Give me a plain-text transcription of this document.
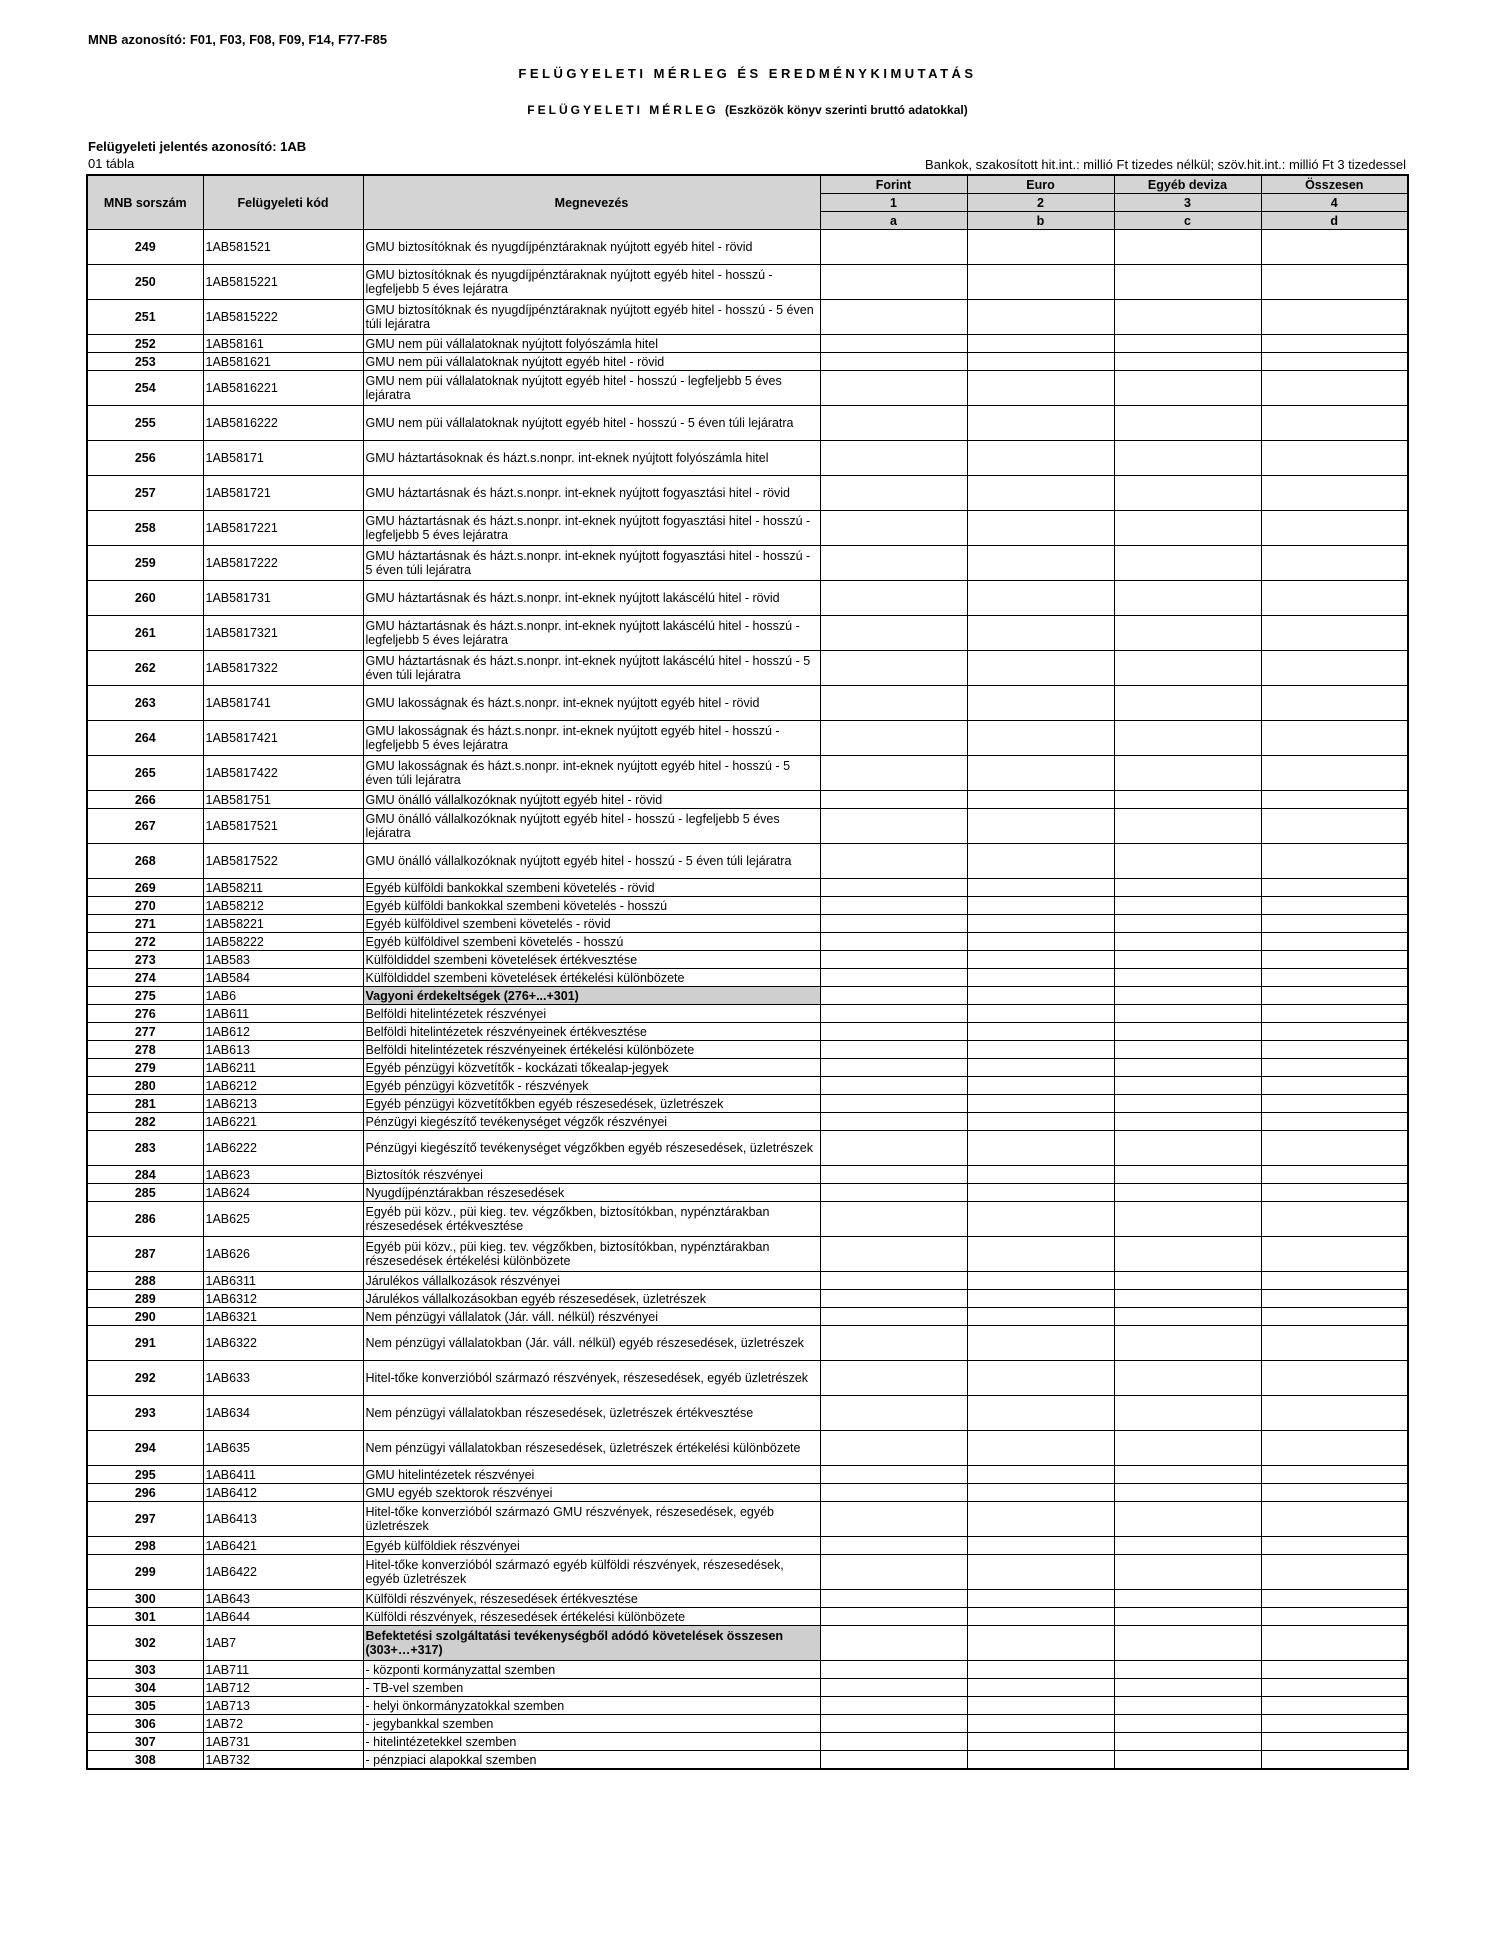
MNB azonosító: F01, F03, F08, F09, F14, F77-F85
FELÜGYELETI MÉRLEG ÉS EREDMÉNYKIMUTATÁS
FELÜGYELETI MÉRLEG (Eszközök könyv szerinti bruttó adatokkal)
Felügyeleti jelentés azonosító: 1AB
01 tábla	Bankok, szakosított hit.int.: millió Ft tizedes nélkül; szöv.hit.int.: millió Ft 3 tizedessel
MNB sorszám	Felügyeleti kód	Megnevezés	Forint	Euro	Egyéb deviza	Összesen
			1	2	3	4
			a	b	c	d
249	1AB581521	GMU biztosítóknak és nyugdíjpénztáraknak nyújtott egyéb hitel - rövid				
250	1AB5815221	GMU biztosítóknak és nyugdíjpénztáraknak nyújtott egyéb hitel - hosszú - legfeljebb 5 éves lejáratra				
251	1AB5815222	GMU biztosítóknak és nyugdíjpénztáraknak nyújtott egyéb hitel - hosszú - 5 éven túli lejáratra				
252	1AB58161	GMU nem püi vállalatoknak nyújtott folyószámla hitel				
253	1AB581621	GMU nem püi vállalatoknak nyújtott egyéb hitel - rövid				
254	1AB5816221	GMU nem püi vállalatoknak nyújtott egyéb hitel - hosszú - legfeljebb 5 éves lejáratra				
255	1AB5816222	GMU nem püi vállalatoknak nyújtott egyéb hitel - hosszú - 5 éven túli lejáratra				
256	1AB58171	GMU háztartásoknak és házt.s.nonpr. int-eknek nyújtott folyószámla hitel				
257	1AB581721	GMU háztartásnak és házt.s.nonpr. int-eknek nyújtott fogyasztási hitel - rövid				
258	1AB5817221	GMU háztartásnak és házt.s.nonpr. int-eknek nyújtott fogyasztási hitel - hosszú - legfeljebb 5 éves lejáratra				
259	1AB5817222	GMU háztartásnak és házt.s.nonpr. int-eknek nyújtott fogyasztási hitel - hosszú - 5 éven túli lejáratra				
260	1AB581731	GMU háztartásnak és házt.s.nonpr. int-eknek nyújtott lakáscélú hitel - rövid				
261	1AB5817321	GMU háztartásnak és házt.s.nonpr. int-eknek nyújtott lakáscélú hitel - hosszú - legfeljebb 5 éves lejáratra				
262	1AB5817322	GMU háztartásnak és házt.s.nonpr. int-eknek nyújtott lakáscélú hitel - hosszú - 5 éven túli lejáratra				
263	1AB581741	GMU lakosságnak és házt.s.nonpr. int-eknek nyújtott egyéb hitel - rövid				
264	1AB5817421	GMU lakosságnak és házt.s.nonpr. int-eknek nyújtott egyéb hitel - hosszú - legfeljebb 5 éves lejáratra				
265	1AB5817422	GMU lakosságnak és házt.s.nonpr. int-eknek nyújtott egyéb hitel - hosszú - 5 éven túli lejáratra				
266	1AB581751	GMU önálló vállalkozóknak nyújtott egyéb hitel - rövid				
267	1AB5817521	GMU önálló vállalkozóknak nyújtott egyéb hitel - hosszú - legfeljebb 5 éves lejáratra				
268	1AB5817522	GMU önálló vállalkozóknak nyújtott egyéb hitel - hosszú - 5 éven túli lejáratra				
269	1AB58211	Egyéb külföldi bankokkal szembeni követelés - rövid				
270	1AB58212	Egyéb külföldi bankokkal szembeni követelés - hosszú				
271	1AB58221	Egyéb külföldivel szembeni követelés - rövid				
272	1AB58222	Egyéb külföldivel szembeni követelés - hosszú				
273	1AB583	Külföldiddel szembeni követelések értékvesztése				
274	1AB584	Külföldiddel szembeni követelések értékelési különbözete				
275	1AB6	Vagyoni érdekeltségek (276+...+301)				
276	1AB611	Belföldi hitelintézetek részvényei				
277	1AB612	Belföldi hitelintézetek részvényeinek értékvesztése				
278	1AB613	Belföldi hitelintézetek részvényeinek értékelési különbözete				
279	1AB6211	Egyéb pénzügyi közvetítők - kockázati tőkealap-jegyek				
280	1AB6212	Egyéb pénzügyi közvetítők - részvények				
281	1AB6213	Egyéb pénzügyi közvetítőkben egyéb részesedések, üzletrészek				
282	1AB6221	Pénzügyi kiegészítő tevékenységet végzők részvényei				
283	1AB6222	Pénzügyi kiegészítő tevékenységet végzőkben egyéb részesedések, üzletrészek				
284	1AB623	Biztosítók részvényei				
285	1AB624	Nyugdíjpénztárakban részesedések				
286	1AB625	Egyéb püi közv., püi kieg. tev. végzőkben, biztosítókban, nypénztárakban részesedések értékvesztése				
287	1AB626	Egyéb püi közv., püi kieg. tev. végzőkben, biztosítókban, nypénztárakban részesedések értékelési különbözete				
288	1AB6311	Járulékos vállalkozások részvényei				
289	1AB6312	Járulékos vállalkozásokban egyéb részesedések, üzletrészek				
290	1AB6321	Nem pénzügyi vállalatok (Jár. váll. nélkül) részvényei				
291	1AB6322	Nem pénzügyi vállalatokban (Jár. váll. nélkül) egyéb részesedések, üzletrészek				
292	1AB633	Hitel-tőke konverzióból származó részvények, részesedések, egyéb üzletrészek				
293	1AB634	Nem pénzügyi vállalatokban részesedések, üzletrészek értékvesztése				
294	1AB635	Nem pénzügyi vállalatokban részesedések, üzletrészek értékelési különbözete				
295	1AB6411	GMU hitelintézetek részvényei				
296	1AB6412	GMU egyéb szektorok részvényei				
297	1AB6413	Hitel-tőke konverzióból származó GMU részvények, részesedések, egyéb üzletrészek				
298	1AB6421	Egyéb külföldiek részvényei				
299	1AB6422	Hitel-tőke konverzióból származó egyéb külföldi részvények, részesedések, egyéb üzletrészek				
300	1AB643	Külföldi részvények, részesedések értékvesztése				
301	1AB644	Külföldi részvények, részesedések értékelési különbözete				
302	1AB7	Befektetési szolgáltatási tevékenységből adódó követelések összesen (303+…+317)				
303	1AB711	- központi kormányzattal szemben				
304	1AB712	- TB-vel szemben				
305	1AB713	- helyi önkormányzatokkal szemben				
306	1AB72	- jegybankkal szemben				
307	1AB731	- hitelintézetekkel szemben				
308	1AB732	- pénzpiaci alapokkal szemben				
